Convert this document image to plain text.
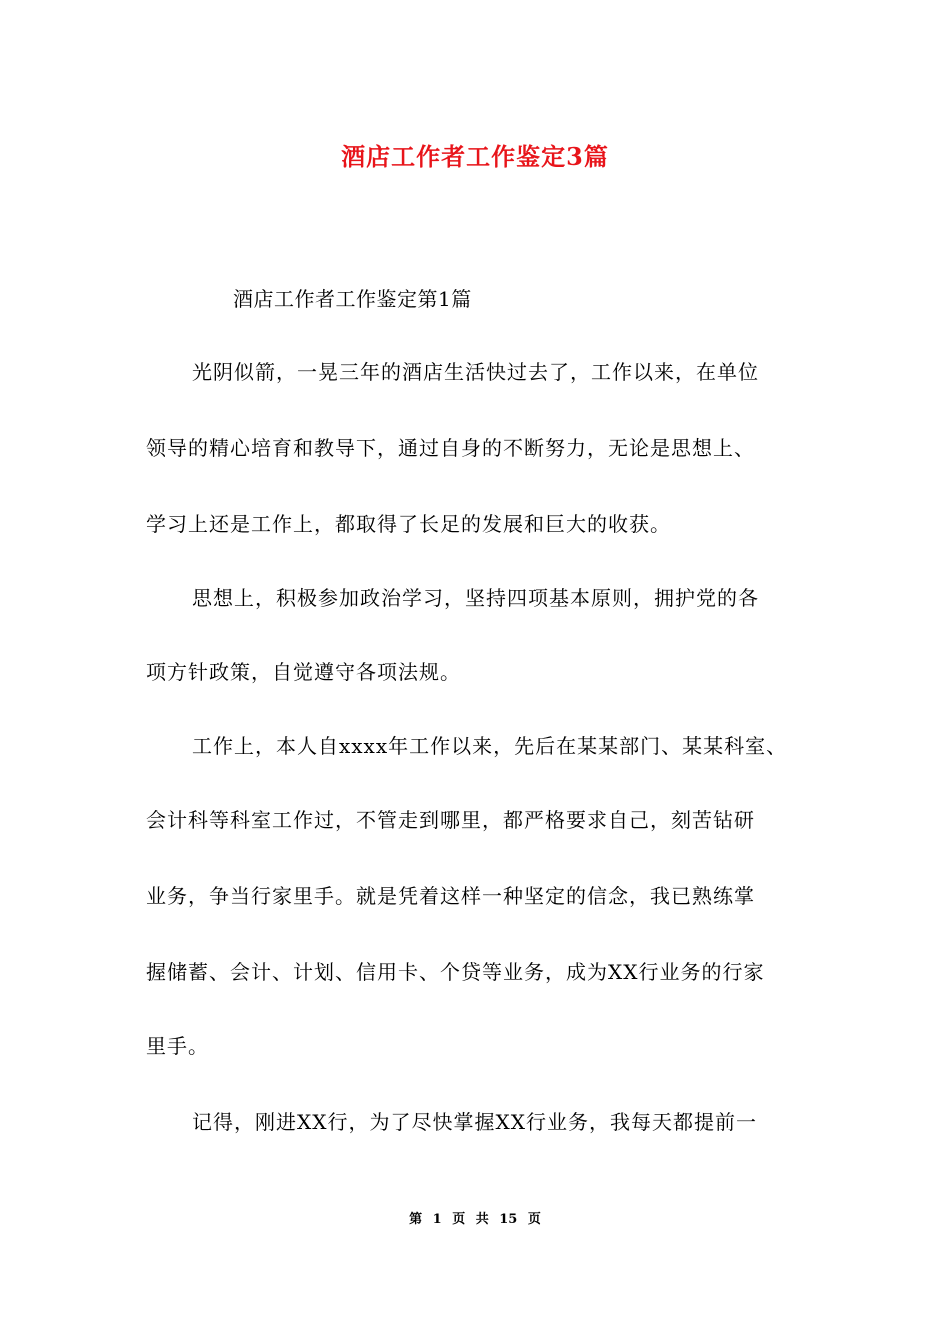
酒店工作者工作鉴定3篇
酒店工作者工作鉴定第1篇
光阴似箭，一晃三年的酒店生活快过去了，工作以来，在单位
领导的精心培育和教导下，通过自身的不断努力，无论是思想上、
学习上还是工作上，都取得了长足的发展和巨大的收获。
思想上，积极参加政治学习，坚持四项基本原则，拥护党的各
项方针政策，自觉遵守各项法规。
工作上，本人自xxxx年工作以来，先后在某某部门、某某科室、
会计科等科室工作过，不管走到哪里，都严格要求自己，刻苦钻研
业务，争当行家里手。就是凭着这样一种坚定的信念，我已熟练掌
握储蓄、会计、计划、信用卡、个贷等业务，成为XX行业务的行家
里手。
记得，刚进XX行，为了尽快掌握XX行业务，我每天都提前一
第 1 页 共 15 页
